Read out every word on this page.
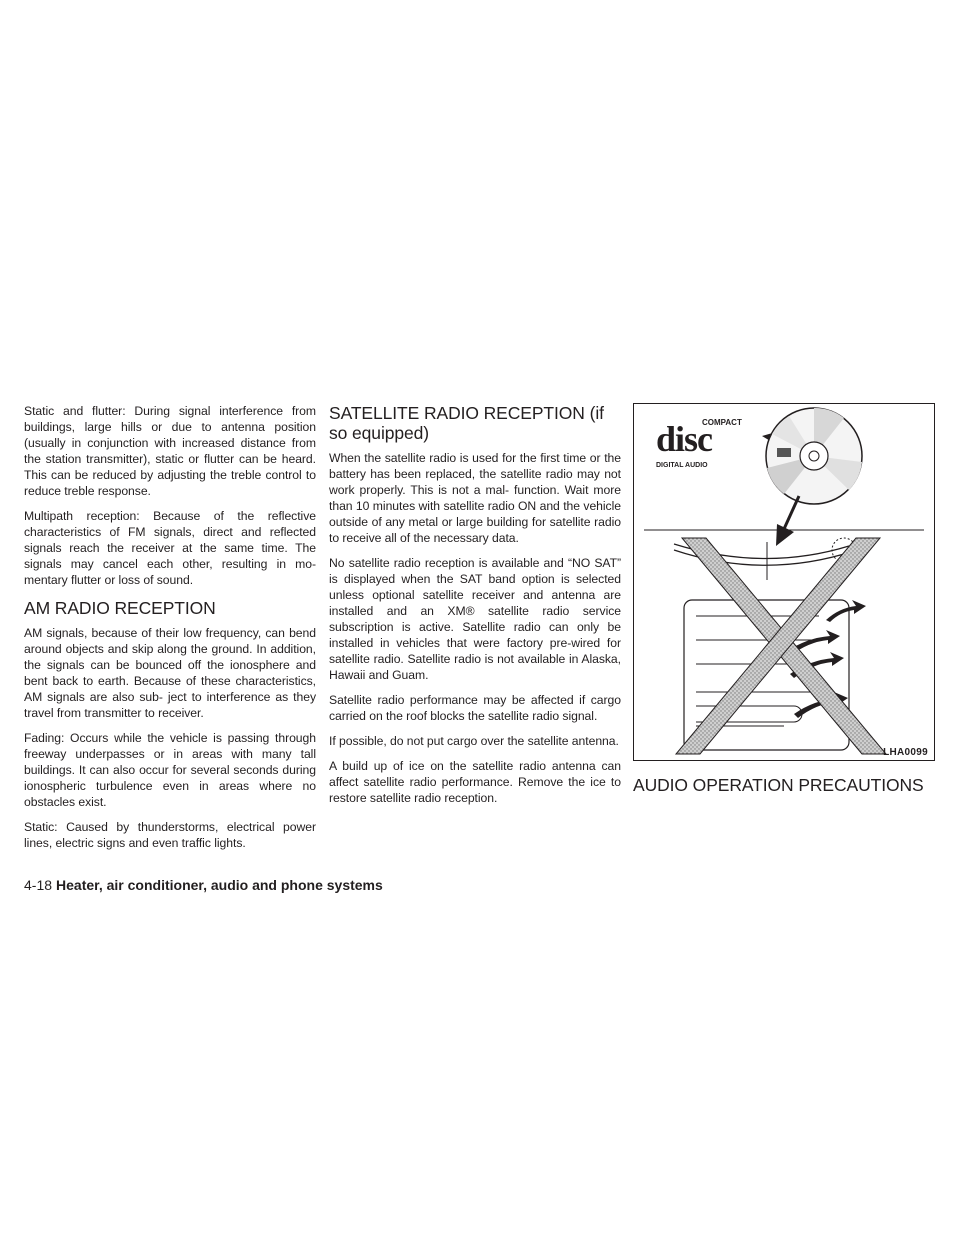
Static and flutter: During signal interference from buildings, large hills or due to antenna position (usually in conjunction with increased distance from the station transmitter), static or flutter can be heard. This can be reduced by adjusting the treble control to reduce treble response.

Multipath reception: Because of the reflective characteristics of FM signals, direct and reflected signals reach the receiver at the same time. The signals may cancel each other, resulting in mo- mentary flutter or loss of sound.

AM RADIO RECEPTION

AM signals, because of their low frequency, can bend around objects and skip along the ground. In addition, the signals can be bounced off the ionosphere and bent back to earth. Because of these characteristics, AM signals are also sub- ject to interference as they travel from transmitter to receiver.

Fading: Occurs while the vehicle is passing through freeway underpasses or in areas with many tall buildings. It can also occur for several seconds during ionospheric turbulence even in areas where no obstacles exist.

Static: Caused by thunderstorms, electrical power lines, electric signs and even traffic lights.

SATELLITE RADIO RECEPTION (if so equipped)

When the satellite radio is used for the first time or the battery has been replaced, the satellite radio may not work properly. This is not a mal- function. Wait more than 10 minutes with satellite radio ON and the vehicle outside of any metal or large building for satellite radio to receive all of the necessary data.

No satellite radio reception is available and “NO SAT” is displayed when the SAT band option is selected unless optional satellite receiver and antenna are installed and an XM® satellite radio service subscription is active. Satellite radio can only be installed in vehicles that were factory pre-wired for satellite radio. Satellite radio is not available in Alaska, Hawaii and Guam.

Satellite radio performance may be affected if cargo carried on the roof blocks the satellite radio signal.

If possible, do not put cargo over the satellite antenna.

A build up of ice on the satellite radio antenna can affect satellite radio performance. Remove the ice to restore satellite radio reception.

COMPACT
disc
DIGITAL AUDIO
LHA0099
AUDIO OPERATION PRECAUTIONS
4-18 Heater, air conditioner, audio and phone systems
